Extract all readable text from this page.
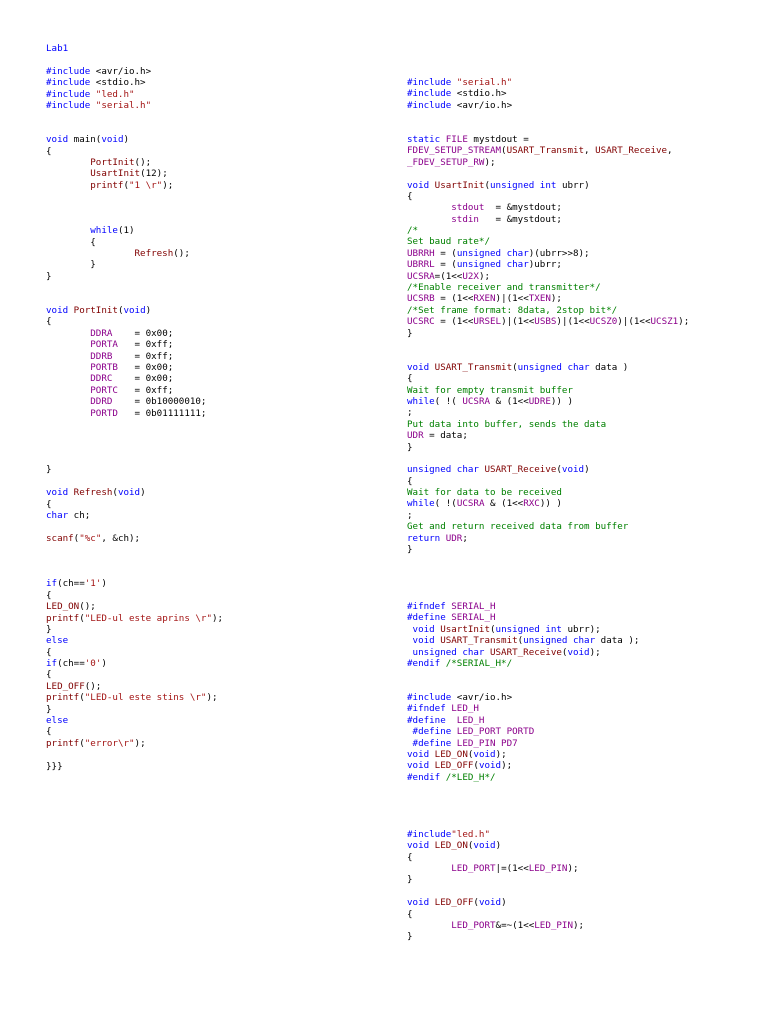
Lab1

#include <avr/io.h>
#include <stdio.h>
#include "led.h"
#include "serial.h"

void main(void)
{
PortInit();
UsartInit(12);
printf("1 \r");

while(1)
{
Refresh();
}
}

void PortInit(void)
{
DDRA    = 0x00;
PORTA   = 0xff;
DDRB    = 0xff;
PORTB   = 0x00;
DDRC    = 0x00;
PORTC   = 0xff;
DDRD    = 0b10000010;
PORTD   = 0b01111111;

}

void Refresh(void)
{
char ch;

scanf("%c", &ch);

if(ch=='1')
{
LED_ON();
printf("LED-ul este aprins \r");
}
else
{
if(ch=='0')
{
LED_OFF();
printf("LED-ul este stins \r");
}
else
{
printf("error\r");

}}}
#include "serial.h"
#include <stdio.h>
#include <avr/io.h>

static FILE mystdout =
FDEV_SETUP_STREAM(USART_Transmit, USART_Receive,
_FDEV_SETUP_RW);

void UsartInit(unsigned int ubrr)
{
stdout  = &mystdout;
stdin   = &mystdout;
/*
Set baud rate*/
UBRRH = (unsigned char)(ubrr>>8);
UBRRL = (unsigned char)ubrr;
UCSRA=(1<<U2X);
/*Enable receiver and transmitter*/
UCSRB = (1<<RXEN)|(1<<TXEN);
/*Set frame format: 8data, 2stop bit*/
UCSRC = (1<<URSEL)|(1<<USBS)|(1<<UCSZ0)|(1<<UCSZ1);
}

void USART_Transmit(unsigned char data )
{
Wait for empty transmit buffer
while( !( UCSRA & (1<<UDRE)) )
;
Put data into buffer, sends the data
UDR = data;
}

unsigned char USART_Receive(void)
{
Wait for data to be received
while( !(UCSRA & (1<<RXC)) )
;
Get and return received data from buffer
return UDR;
}

#ifndef SERIAL_H
#define SERIAL_H
void UsartInit(unsigned int ubrr);
void USART_Transmit(unsigned char data );
unsigned char USART_Receive(void);
#endif /*SERIAL_H*/

#include <avr/io.h>
#ifndef LED_H
#define  LED_H
#define LED_PORT PORTD
#define LED_PIN PD7
void LED_ON(void);
void LED_OFF(void);
#endif /*LED_H*/

#include"led.h"
void LED_ON(void)
{
LED_PORT|=(1<<LED_PIN);
}

void LED_OFF(void)
{
LED_PORT&=~(1<<LED_PIN);
}
